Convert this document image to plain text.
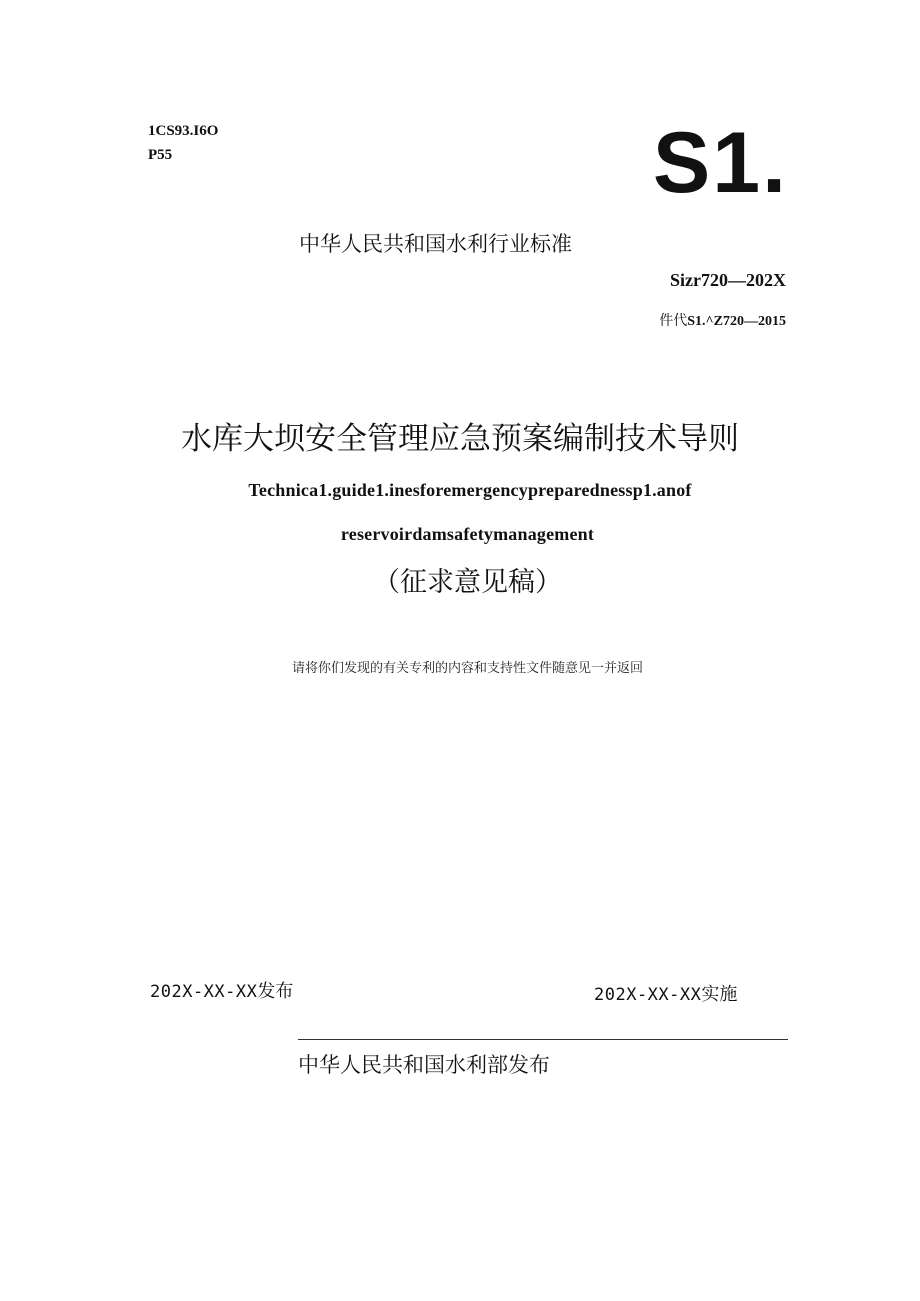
1CS93.I6O
P55	S1.
中华人民共和国水利行业标准
Sizr720—202X
件代S1.^Z720—2015
水库大坝安全管理应急预案编制技术导则
Technica1.guide1.inesforemergencypreparednessp1.anof
reservoirdamsafetymanagement
（征求意见稿）
请将你们发现的有关专利的内容和支持性文件随意见一并返回
202X-XX-XX发布	202X-XX-XX实施
中华人民共和国水利部发布
